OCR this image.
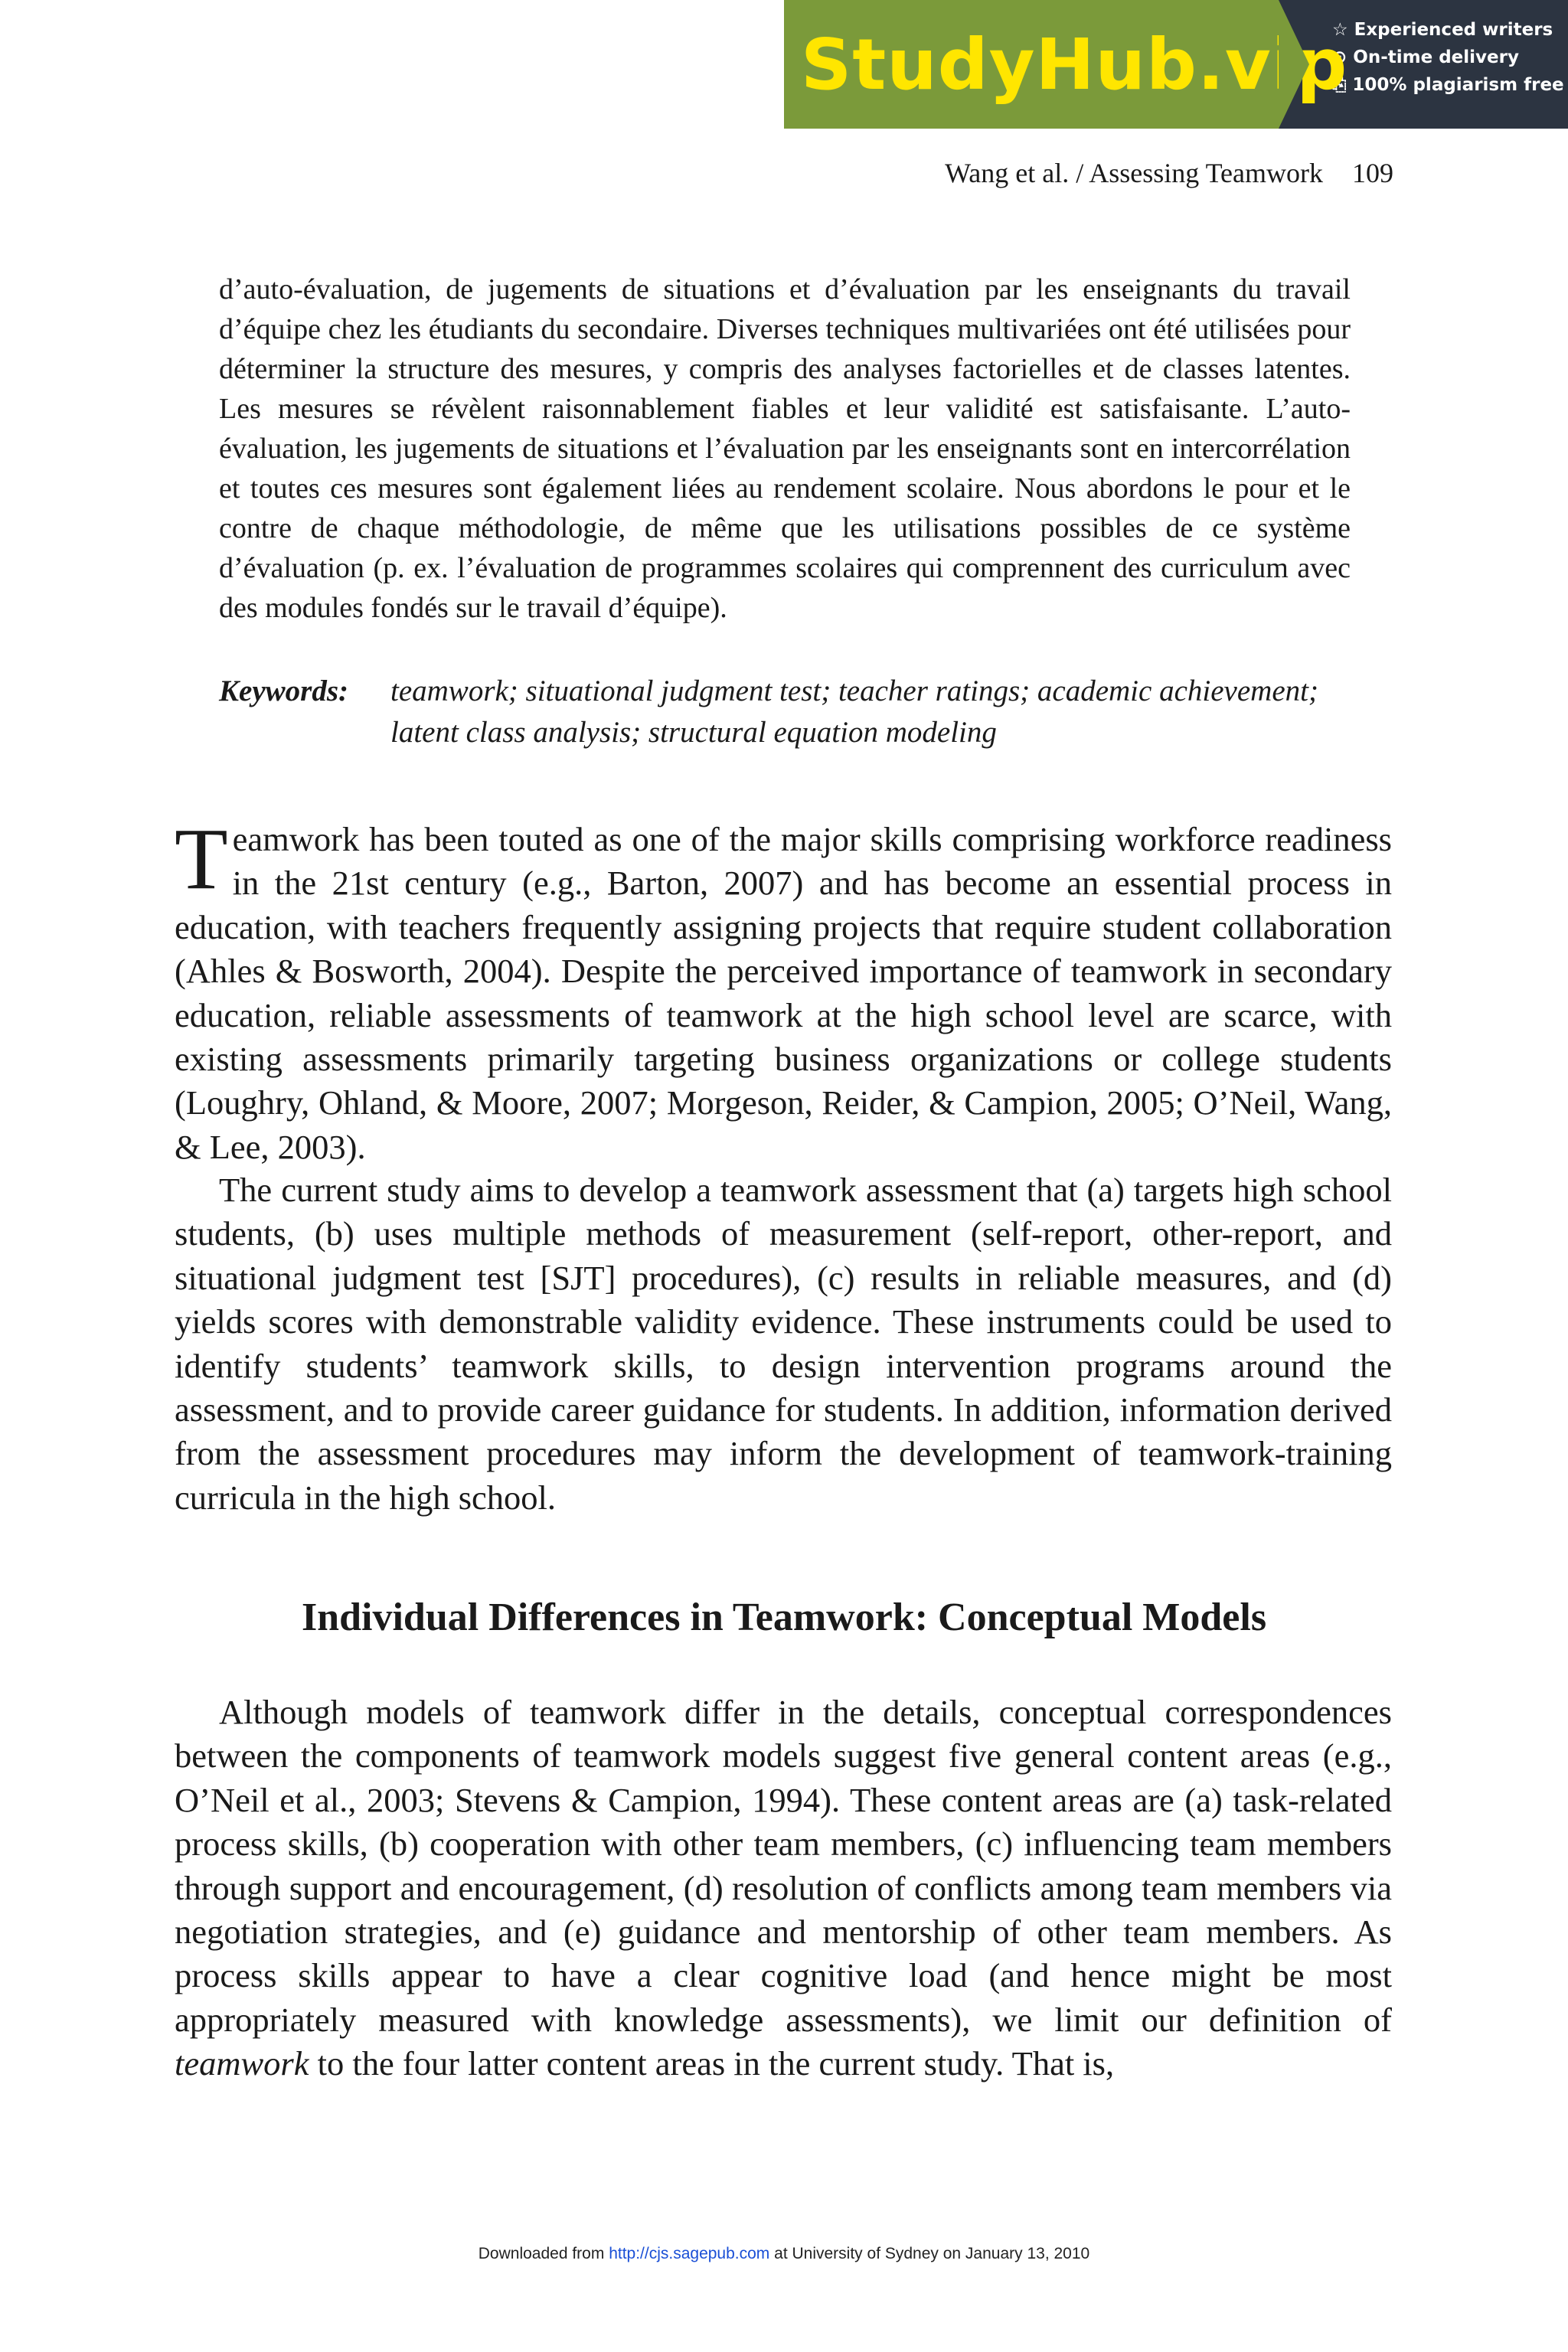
StudyHub.vip
☆ Experienced writers
⊙ On-time delivery
⎘ 100% plagiarism free
Wang et al. / Assessing Teamwork 109
d’auto-évaluation, de jugements de situations et d’évaluation par les enseignants du travail d’équipe chez les étudiants du secondaire. Diverses techniques multivariées ont été utilisées pour déterminer la structure des mesures, y compris des analyses factorielles et de classes latentes. Les mesures se révèlent raisonnablement fiables et leur validité est satisfaisante. L’auto-évaluation, les jugements de situations et l’évaluation par les enseignants sont en intercorrélation et toutes ces mesures sont également liées au rendement scolaire. Nous abordons le pour et le contre de chaque méthodologie, de même que les utilisations possibles de ce système d’évaluation (p. ex. l’évaluation de programmes scolaires qui comprennent des curriculum avec des modules fondés sur le travail d’équipe).
Keywords:	teamwork; situational judgment test; teacher ratings; academic achievement; latent class analysis; structural equation modeling
Teamwork has been touted as one of the major skills comprising workforce readiness in the 21st century (e.g., Barton, 2007) and has become an essential process in education, with teachers frequently assigning projects that require student collaboration (Ahles & Bosworth, 2004). Despite the perceived importance of teamwork in secondary education, reliable assessments of teamwork at the high school level are scarce, with existing assessments primarily targeting business organizations or college students (Loughry, Ohland, & Moore, 2007; Morgeson, Reider, & Campion, 2005; O’Neil, Wang, & Lee, 2003).
The current study aims to develop a teamwork assessment that (a) targets high school students, (b) uses multiple methods of measurement (self-report, other-report, and situational judgment test [SJT] procedures), (c) results in reliable measures, and (d) yields scores with demonstrable validity evidence. These instruments could be used to identify students’ teamwork skills, to design intervention programs around the assessment, and to provide career guidance for students. In addition, information derived from the assessment procedures may inform the development of teamwork-training curricula in the high school.
Individual Differences in Teamwork: Conceptual Models
Although models of teamwork differ in the details, conceptual correspondences between the components of teamwork models suggest five general content areas (e.g., O’Neil et al., 2003; Stevens & Campion, 1994). These content areas are (a) task-related process skills, (b) cooperation with other team members, (c) influencing team members through support and encouragement, (d) resolution of conflicts among team members via negotiation strategies, and (e) guidance and mentorship of other team members. As process skills appear to have a clear cognitive load (and hence might be most appropriately measured with knowledge assessments), we limit our definition of teamwork to the four latter content areas in the current study. That is,
Downloaded from http://cjs.sagepub.com at University of Sydney on January 13, 2010
